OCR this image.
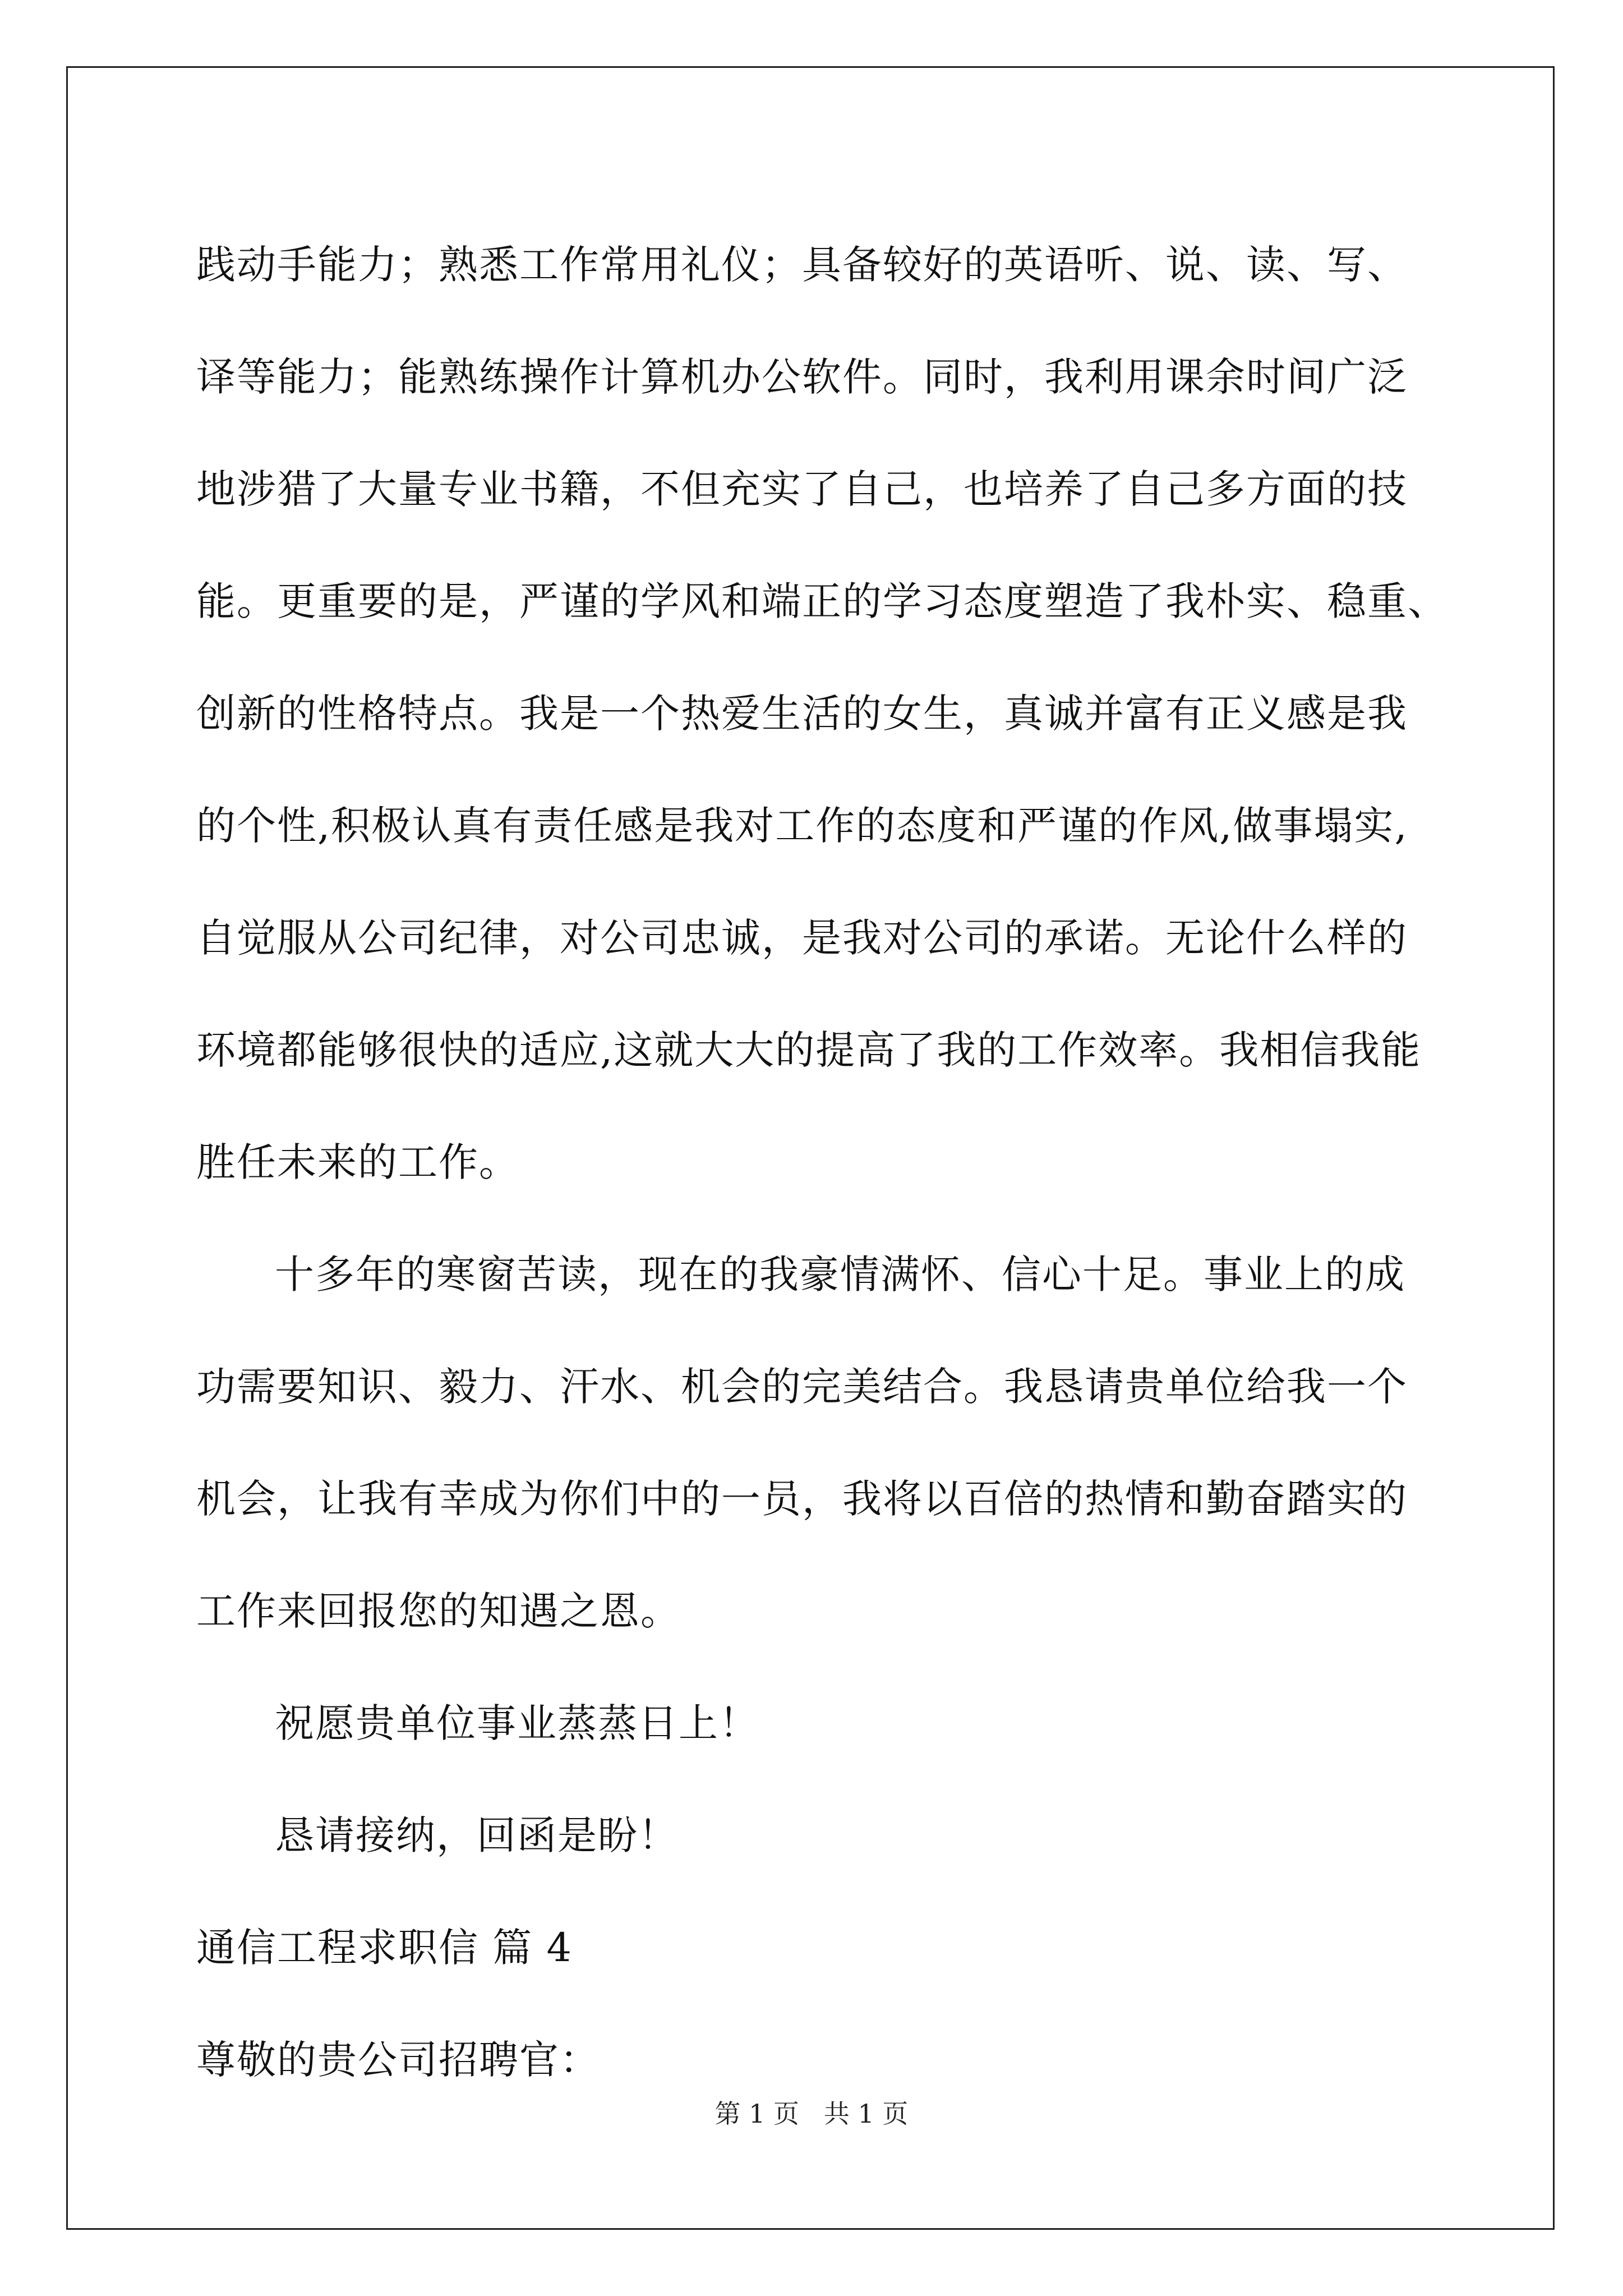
践动手能力；熟悉工作常用礼仪；具备较好的英语听、说、读、写、
译等能力；能熟练操作计算机办公软件。同时，我利用课余时间广泛
地涉猎了大量专业书籍，不但充实了自己，也培养了自己多方面的技
能。更重要的是，严谨的学风和端正的学习态度塑造了我朴实、稳重、
创新的性格特点。我是一个热爱生活的女生，真诚并富有正义感是我
的个性,积极认真有责任感是我对工作的态度和严谨的作风,做事塌实,
自觉服从公司纪律，对公司忠诚，是我对公司的承诺。无论什么样的
环境都能够很快的适应,这就大大的提高了我的工作效率。我相信我能
胜任未来的工作。
十多年的寒窗苦读，现在的我豪情满怀、信心十足。事业上的成
功需要知识、毅力、汗水、机会的完美结合。我恳请贵单位给我一个
机会，让我有幸成为你们中的一员，我将以百倍的热情和勤奋踏实的
工作来回报您的知遇之恩。
祝愿贵单位事业蒸蒸日上！
恳请接纳，回函是盼！
通信工程求职信 篇 4
尊敬的贵公司招聘官：
第 1 页   共 1 页
